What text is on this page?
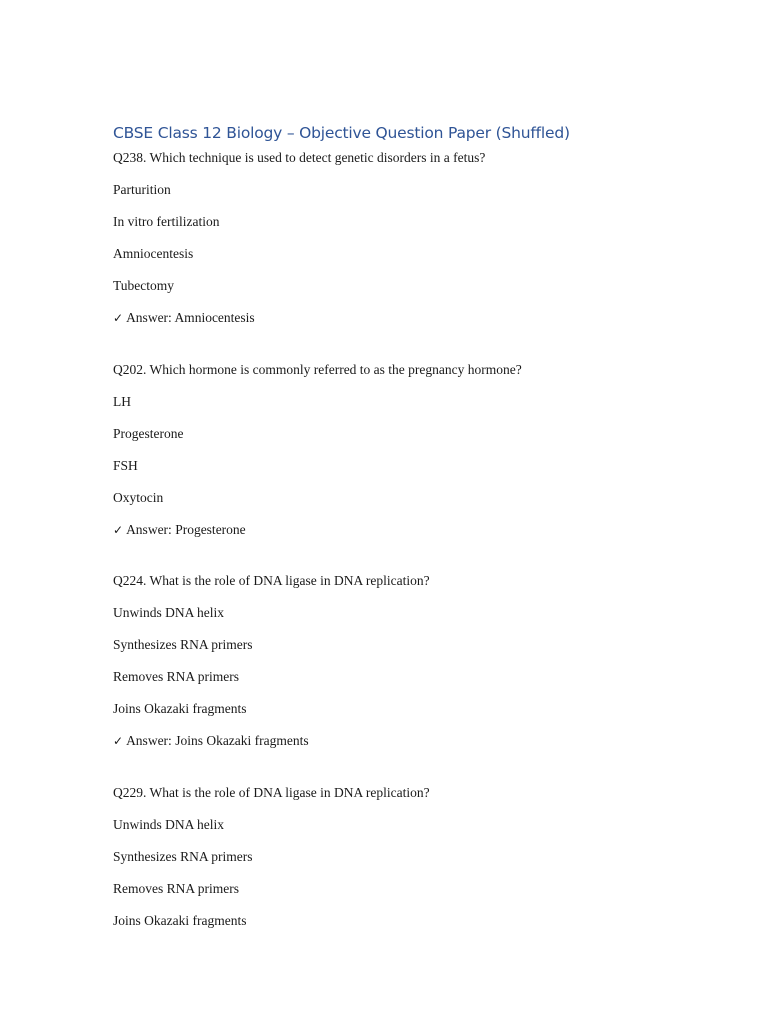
CBSE Class 12 Biology – Objective Question Paper (Shuffled)
Q238. Which technique is used to detect genetic disorders in a fetus?
Parturition
In vitro fertilization
Amniocentesis
Tubectomy
✓ Answer: Amniocentesis
Q202. Which hormone is commonly referred to as the pregnancy hormone?
LH
Progesterone
FSH
Oxytocin
✓ Answer: Progesterone
Q224. What is the role of DNA ligase in DNA replication?
Unwinds DNA helix
Synthesizes RNA primers
Removes RNA primers
Joins Okazaki fragments
✓ Answer: Joins Okazaki fragments
Q229. What is the role of DNA ligase in DNA replication?
Unwinds DNA helix
Synthesizes RNA primers
Removes RNA primers
Joins Okazaki fragments
